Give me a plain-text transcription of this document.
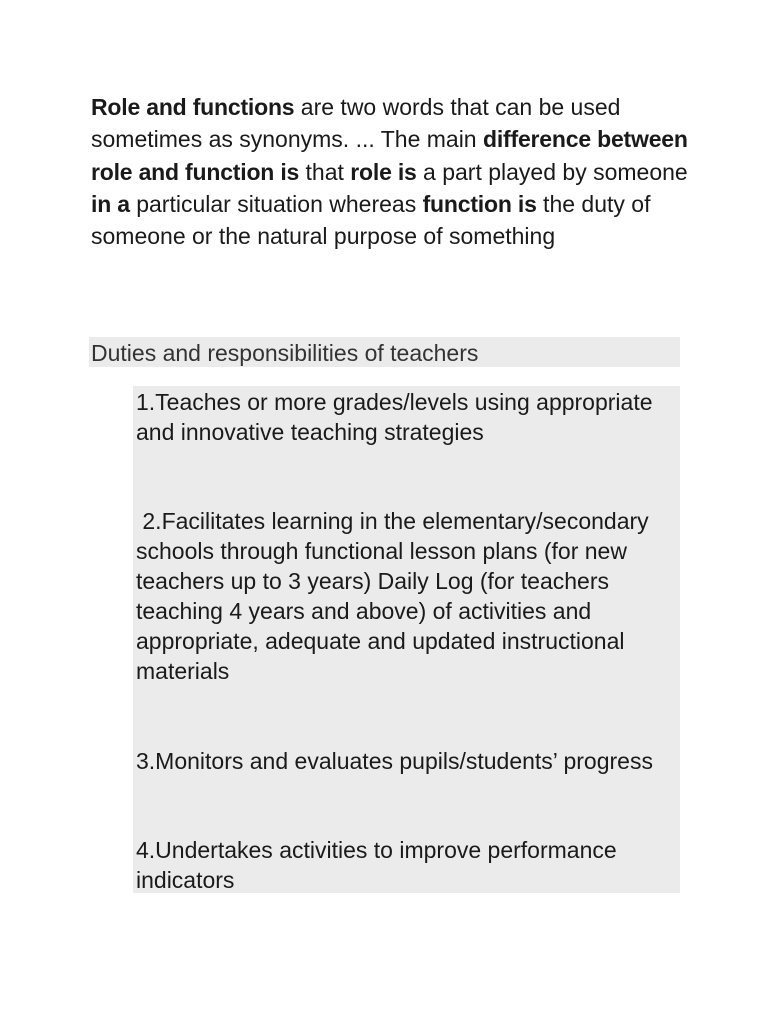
Role and functions are two words that can be used sometimes as synonyms. ... The main difference between role and function is that role is a part played by someone in a particular situation whereas function is the duty of someone or the natural purpose of something

Duties and responsibilities of teachers

1.Teaches or more grades/levels using appropriate and innovative teaching strategies

2.Facilitates learning in the elementary/secondary schools through functional lesson plans (for new teachers up to 3 years) Daily Log (for teachers teaching 4 years and above) of activities and appropriate, adequate and updated instructional materials

3.Monitors and evaluates pupils/students’ progress

4.Undertakes activities to improve performance indicators
